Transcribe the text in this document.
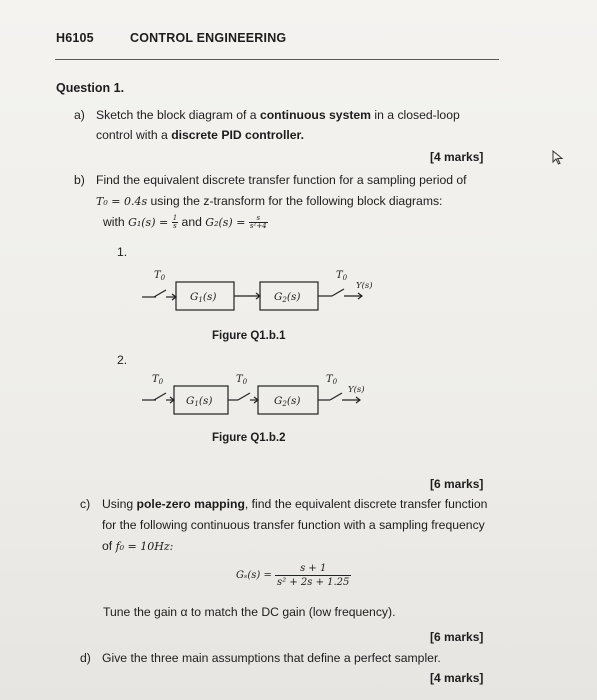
H6105	CONTROL ENGINEERING
Question 1.
a) Sketch the block diagram of a continuous system in a closed-loop
control with a discrete PID controller.
[4 marks]
b) Find the equivalent discrete transfer function for a sampling period of
T₀ = 0.4s using the z-transform for the following block diagrams:
with $G_1(s) = \frac{1}{s}$ and $G_2(s) = \frac{s}{\text{s²+4}}$
1.
$T_0$	$T_0$
G1(s)	G2(s)
Y(s)
Figure Q1.b.1
2.
$T_0$	$T_0$	$T_0$
G1(s)	G2(s)
Y(s)
Figure Q1.b.2
[6 marks]
c) Using pole-zero mapping, find the equivalent discrete transfer function
for the following continuous transfer function with a sampling frequency
of f₀ = 10Hz:
$G_s(s) = \frac{s + 1}{\text{s² + 2s + 1.25}}$
Tune the gain α to match the DC gain (low frequency).
[6 marks]
d) Give the three main assumptions that define a perfect sampler.
[4 marks]
